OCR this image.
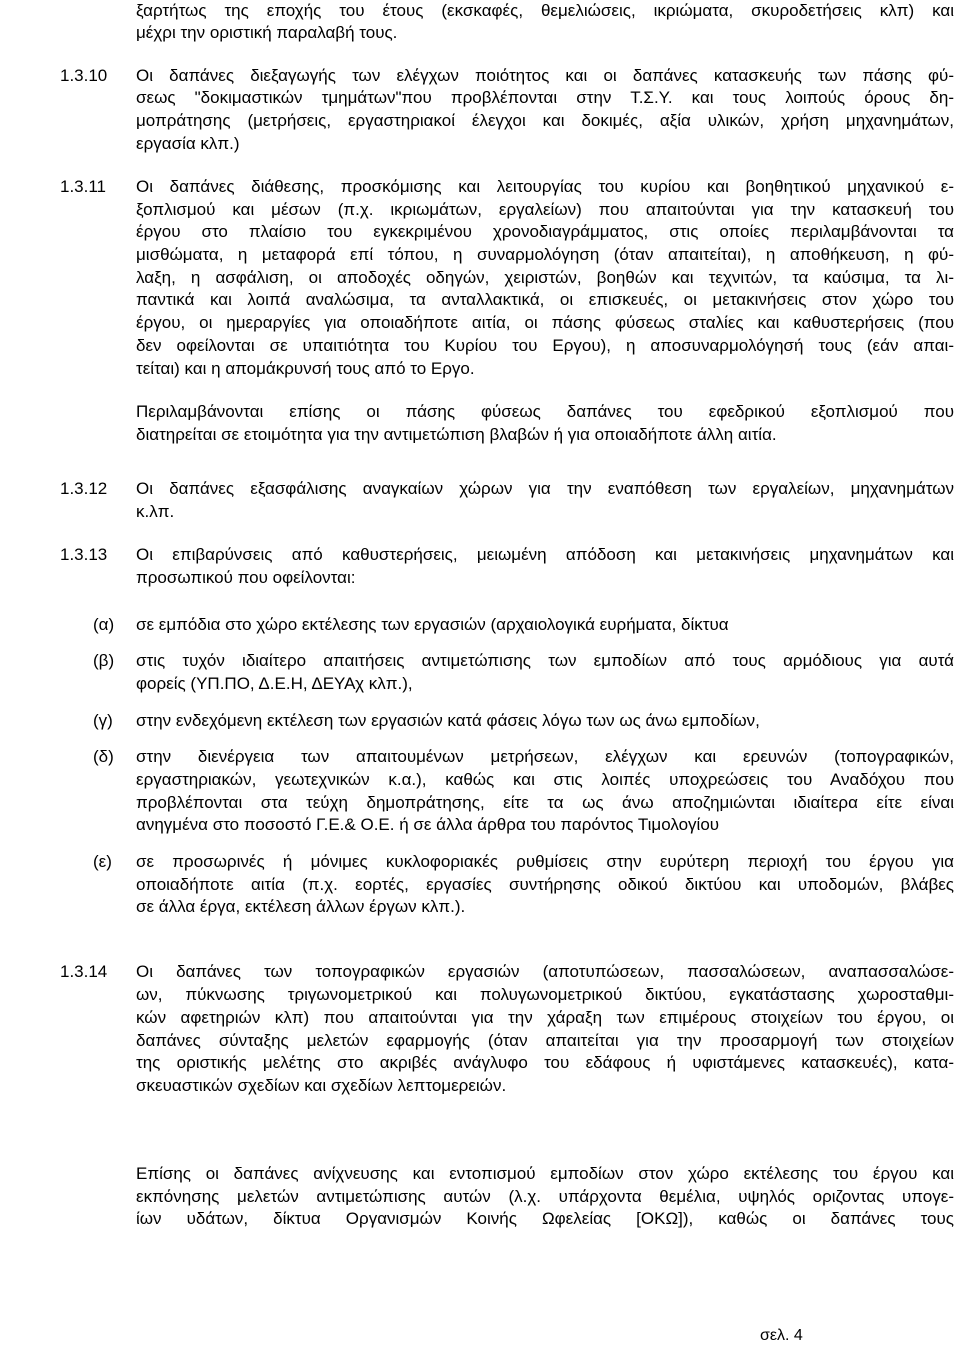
ξαρτήτως της εποχής του έτους (εκσκαφές, θεμελιώσεις, ικριώματα, σκυροδετήσεις κλπ) και
μέχρι την οριστική παραλαβή τους.
1.3.10 Οι δαπάνες διεξαγωγής των ελέγχων ποιότητος και οι δαπάνες κατασκευής των πάσης φύ-
σεως "δοκιμαστικών τμημάτων"που προβλέπονται στην Τ.Σ.Υ. και τους λοιπούς όρους δη-
μοπράτησης (μετρήσεις, εργαστηριακοί έλεγχοι και δοκιμές, αξία υλικών, χρήση μηχανημάτων,
εργασία κλπ.)
1.3.11 Οι δαπάνες διάθεσης, προσκόμισης και λειτουργίας του κυρίου και βοηθητικού μηχανικού ε-
ξοπλισμού και μέσων (π.χ. ικριωμάτων, εργαλείων) που απαιτούνται για την κατασκευή του
έργου στο πλαίσιο του εγκεκριμένου χρονοδιαγράμματος, στις οποίες περιλαμβάνονται τα
μισθώματα, η μεταφορά επί τόπου, η συναρμολόγηση (όταν απαιτείται), η αποθήκευση, η φύ-
λαξη, η ασφάλιση, οι αποδοχές οδηγών, χειριστών, βοηθών και τεχνιτών, τα καύσιμα, τα λι-
παντικά και λοιπά αναλώσιμα, τα ανταλλακτικά, οι επισκευές, οι μετακινήσεις στον χώρο του
έργου, οι ημεραργίες για οποιαδήποτε αιτία, οι πάσης φύσεως σταλίες και καθυστερήσεις (που
δεν οφείλονται σε υπαιτιότητα του Κυρίου του Εργου), η αποσυναρμολόγησή τους (εάν απαι-
τείται) και η απομάκρυνσή τους από το Εργο.
Περιλαμβάνονται επίσης οι πάσης φύσεως δαπάνες του εφεδρικού εξοπλισμού που
διατηρείται σε ετοιμότητα για την αντιμετώπιση βλαβών ή για οποιαδήποτε άλλη αιτία.
1.3.12 Οι δαπάνες εξασφάλισης αναγκαίων χώρων για την εναπόθεση των εργαλείων, μηχανημάτων
κ.λπ.
1.3.13 Οι επιβαρύνσεις από καθυστερήσεις, μειωμένη απόδοση και μετακινήσεις μηχανημάτων και
προσωπικού που οφείλονται:
(α) σε εμπόδια στο χώρο εκτέλεσης των εργασιών (αρχαιολογικά ευρήματα, δίκτυα
(β) στις τυχόν ιδιαίτερο απαιτήσεις αντιμετώπισης των εμποδίων από τους αρμόδιους για αυτά
φορείς (ΥΠ.ΠΟ, Δ.Ε.Η, ΔΕΥΑχ κλπ.),
(γ) στην ενδεχόμενη εκτέλεση των εργασιών κατά φάσεις λόγω των ως άνω εμποδίων,
(δ) στην διενέργεια των απαιτουμένων μετρήσεων, ελέγχων και ερευνών (τοπογραφικών,
εργαστηριακών, γεωτεχνικών κ.α.), καθώς και στις λοιπές υποχρεώσεις του Αναδόχου που
προβλέπονται στα τεύχη δημοπράτησης, είτε τα ως άνω αποζημιώνται ιδιαίτερα είτε είναι
ανηγμένα στο ποσοστό Γ.Ε.& Ο.Ε. ή σε άλλα άρθρα του παρόντος Τιμολογίου
(ε) σε προσωρινές ή μόνιμες κυκλοφοριακές ρυθμίσεις στην ευρύτερη περιοχή του έργου για
οποιαδήποτε αιτία (π.χ. εορτές, εργασίες συντήρησης οδικού δικτύου και υποδομών, βλάβες
σε άλλα έργα, εκτέλεση άλλων έργων κλπ.).
1.3.14 Οι δαπάνες των τοπογραφικών εργασιών (αποτυπώσεων, πασσαλώσεων, αναπασσαλώσε-
ων, πύκνωσης τριγωνομετρικού και πολυγωνομετρικού δικτύου, εγκατάστασης χωροσταθμι-
κών αφετηριών κλπ) που απαιτούνται για την χάραξη των επιμέρους στοιχείων του έργου, οι
δαπάνες σύνταξης μελετών εφαρμογής (όταν απαιτείται για την προσαρμογή των στοιχείων
της οριστικής μελέτης στο ακριβές ανάγλυφο του εδάφους ή υφιστάμενες κατασκευές), κατα-
σκευαστικών σχεδίων και σχεδίων λεπτομερειών.
Επίσης οι δαπάνες ανίχνευσης και εντοπισμού εμποδίων στον χώρο εκτέλεσης του έργου και
εκπόνησης μελετών αντιμετώπισης αυτών (λ.χ. υπάρχοντα θεμέλια, υψηλός οριζοντας υπογε-
ίων υδάτων, δίκτυα Οργανισμών Κοινής Ωφελείας [ΟΚΩ]), καθώς οι δαπάνες τους
σελ. 4
